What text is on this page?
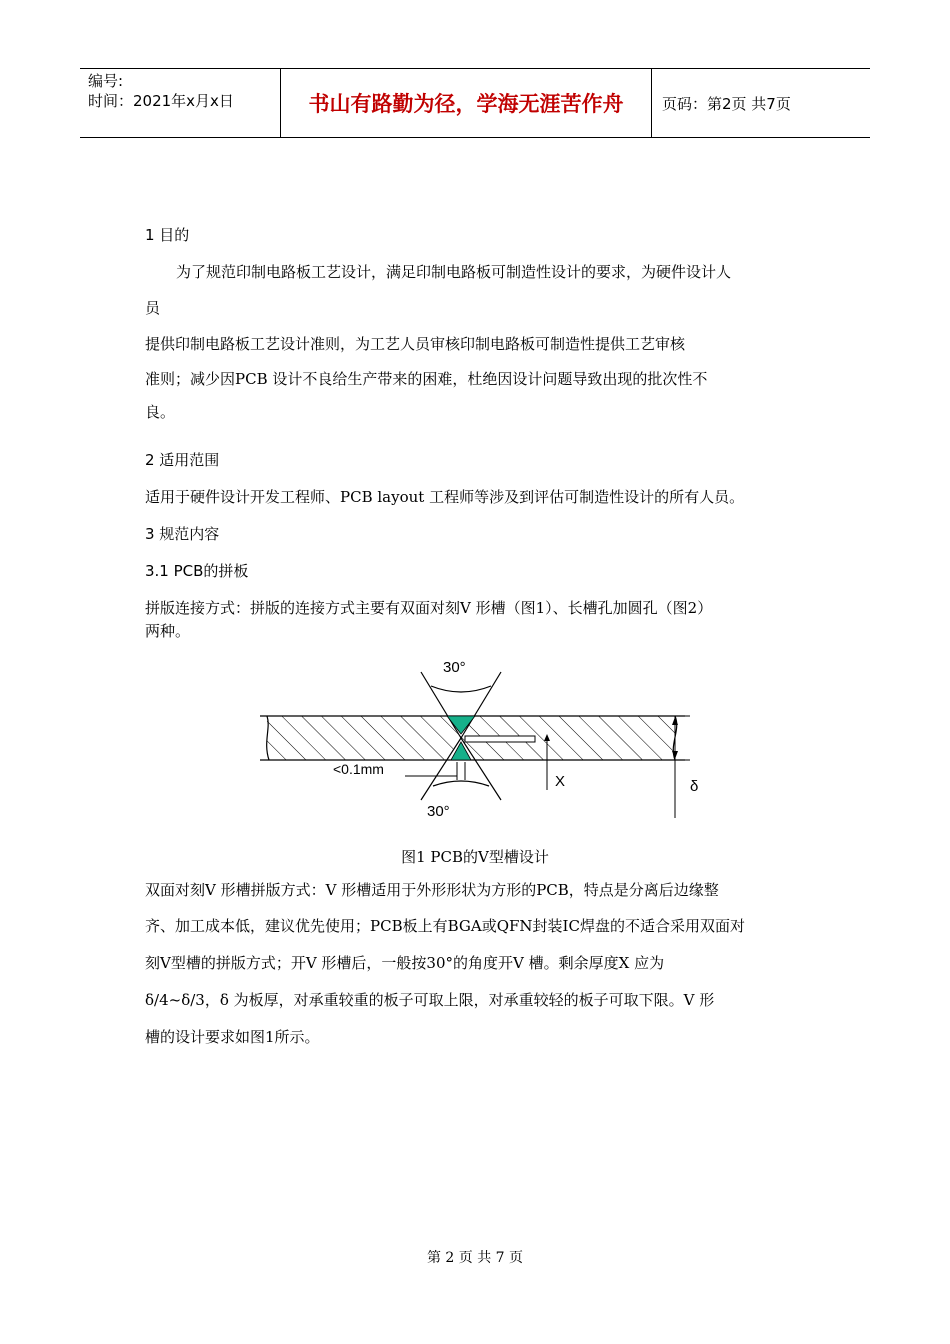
编号:
时间：2021年x月x日	书山有路勤为径，学海无涯苦作舟	页码：第2页 共7页
1 目的
为了规范印制电路板工艺设计，满足印制电路板可制造性设计的要求，为硬件设计人
员
提供印制电路板工艺设计准则，为工艺人员审核印制电路板可制造性提供工艺审核
准则；减少因PCB 设计不良给生产带来的困难，杜绝因设计问题导致出现的批次性不
良。
2 适用范围
适用于硬件设计开发工程师、PCB layout 工程师等涉及到评估可制造性设计的所有人员。
3 规范内容
3.1 PCB的拼板
拼版连接方式：拼版的连接方式主要有双面对刻V 形槽（图1）、长槽孔加圆孔（图2）
两种。
30°
30°
<0.1mm
X	δ
图1 PCB的V型槽设计
双面对刻V 形槽拼版方式：V 形槽适用于外形形状为方形的PCB，特点是分离后边缘整
齐、加工成本低，建议优先使用；PCB板上有BGA或QFN封装IC焊盘的不适合采用双面对
刻V型槽的拼版方式；开V 形槽后，一般按30°的角度开V 槽。剩余厚度X 应为
δ/4~δ/3，δ 为板厚，对承重较重的板子可取上限，对承重较轻的板子可取下限。V 形
槽的设计要求如图1所示。
第 2 页 共 7 页
